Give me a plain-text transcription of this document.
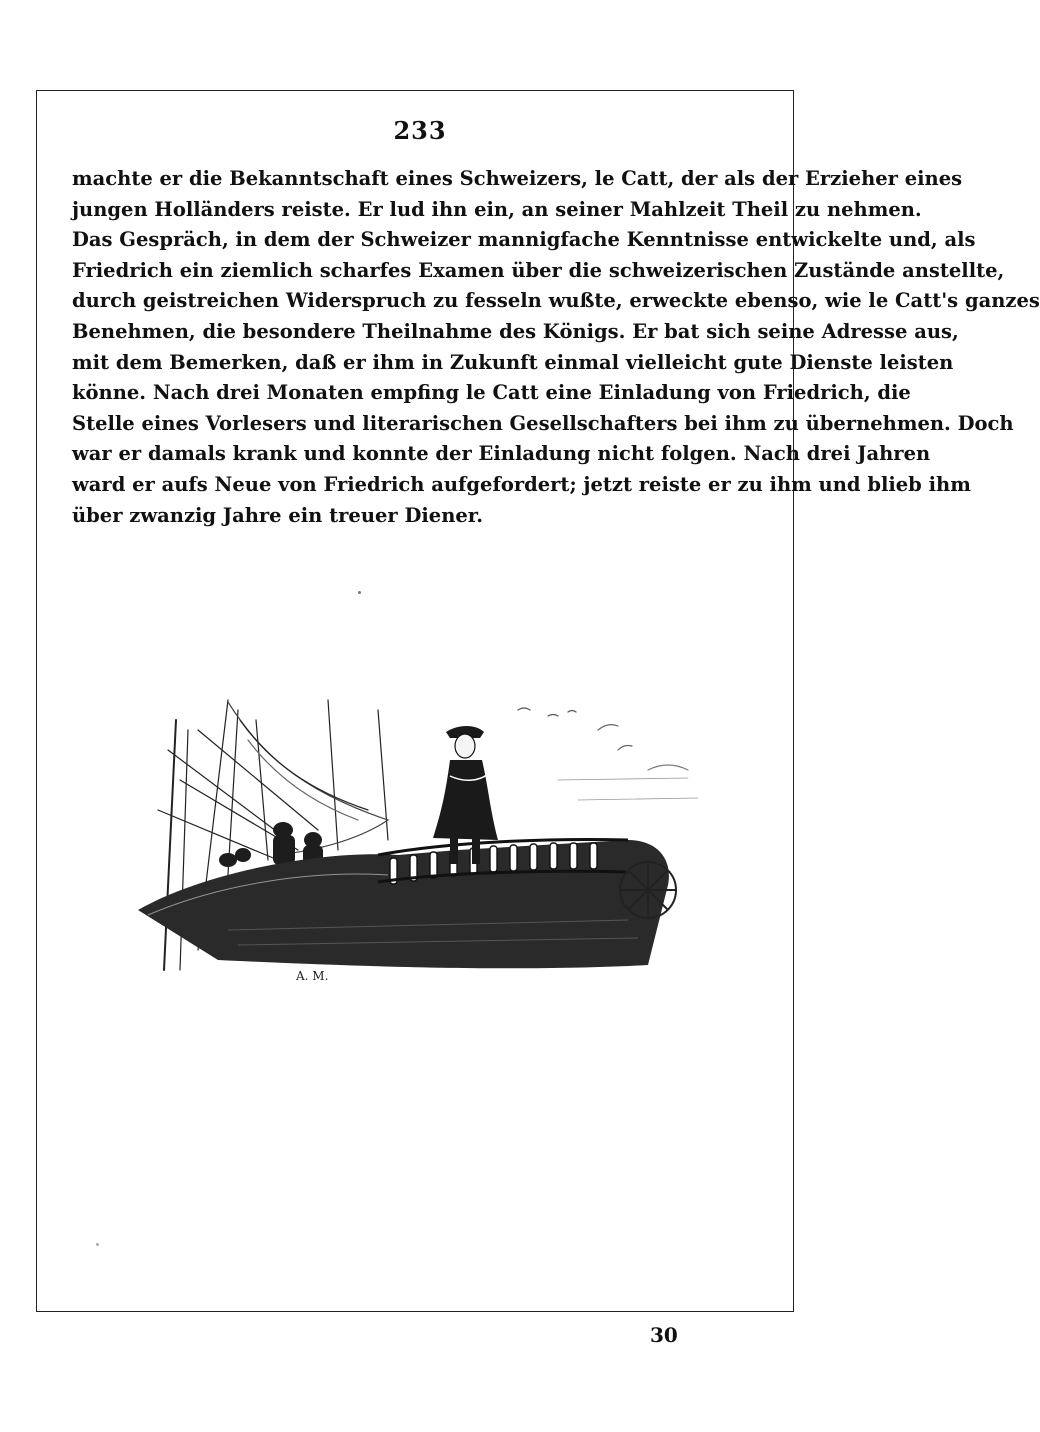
233
machte er die Bekanntschaft eines Schweizers, le Catt, der als der Erzieher eines
jungen Holländers reiste. Er lud ihn ein, an seiner Mahlzeit Theil zu nehmen.
Das Gespräch, in dem der Schweizer mannigfache Kenntnisse entwickelte und, als
Friedrich ein ziemlich scharfes Examen über die schweizerischen Zustände anstellte,
durch geistreichen Widerspruch zu fesseln wußte, erweckte ebenso, wie le Catt's ganzes
Benehmen, die besondere Theilnahme des Königs. Er bat sich seine Adresse aus,
mit dem Bemerken, daß er ihm in Zukunft einmal vielleicht gute Dienste leisten
könne. Nach drei Monaten empfing le Catt eine Einladung von Friedrich, die
Stelle eines Vorlesers und literarischen Gesellschafters bei ihm zu übernehmen. Doch
war er damals krank und konnte der Einladung nicht folgen. Nach drei Jahren
ward er aufs Neue von Friedrich aufgefordert; jetzt reiste er zu ihm und blieb ihm
über zwanzig Jahre ein treuer Diener.
A. M.
30
